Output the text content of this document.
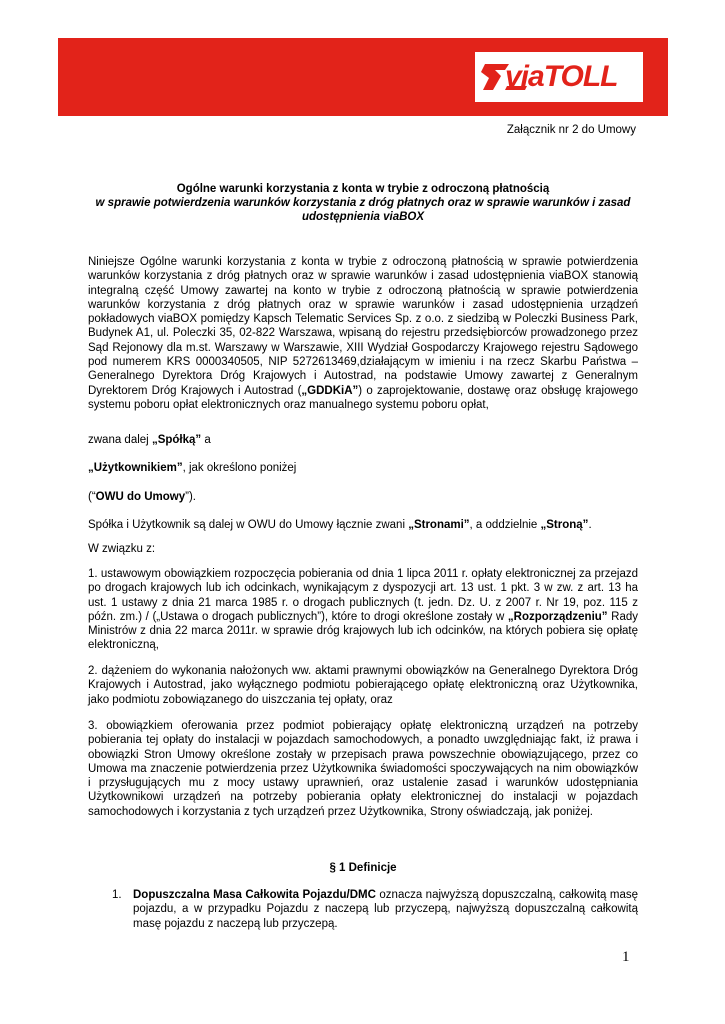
viaTOLL
Załącznik nr 2 do Umowy
Ogólne warunki korzystania z konta w trybie z odroczoną płatnością
w sprawie potwierdzenia warunków korzystania z dróg płatnych oraz w sprawie warunków i zasad udostępnienia viaBOX

Niniejsze Ogólne warunki korzystania z konta w trybie z odroczoną płatnością w sprawie potwierdzenia warunków korzystania z dróg płatnych oraz w sprawie warunków i zasad udostępnienia viaBOX stanowią integralną część Umowy zawartej na konto w trybie z odroczoną płatnością w sprawie potwierdzenia warunków korzystania z dróg płatnych oraz w sprawie warunków i zasad udostępnienia urządzeń pokładowych viaBOX pomiędzy Kapsch Telematic Services Sp. z o.o. z siedzibą w Poleczki Business Park, Budynek A1, ul. Poleczki 35, 02-822 Warszawa, wpisaną do rejestru przedsiębiorców prowadzonego przez Sąd Rejonowy dla m.st. Warszawy w Warszawie, XIII Wydział Gospodarczy Krajowego rejestru Sądowego pod numerem KRS 0000340505, NIP 5272613469,działającym w imieniu i na rzecz Skarbu Państwa – Generalnego Dyrektora Dróg Krajowych i Autostrad, na podstawie Umowy zawartej z Generalnym Dyrektorem Dróg Krajowych i Autostrad („GDDKiA”) o zaprojektowanie, dostawę oraz obsługę krajowego systemu poboru opłat elektronicznych oraz manualnego systemu poboru opłat,

zwana dalej „Spółką” a
„Użytkownikiem”, jak określono poniżej
(“OWU do Umowy”).
Spółka i Użytkownik są dalej w OWU do Umowy łącznie zwani „Stronami”, a oddzielnie „Stroną”.
W związku z:
1. ustawowym obowiązkiem rozpoczęcia pobierania od dnia 1 lipca 2011 r. opłaty elektronicznej za przejazd po drogach krajowych lub ich odcinkach, wynikającym z dyspozycji art. 13 ust. 1 pkt. 3 w zw. z art. 13 ha ust. 1 ustawy z dnia 21 marca 1985 r. o drogach publicznych (t. jedn. Dz. U. z 2007 r. Nr 19, poz. 115 z późn. zm.) / („Ustawa o drogach publicznych”), które to drogi określone zostały w „Rozporządzeniu” Rady Ministrów z dnia 22 marca 2011r. w sprawie dróg krajowych lub ich odcinków, na których pobiera się opłatę elektroniczną,
2. dążeniem do wykonania nałożonych ww. aktami prawnymi obowiązków na Generalnego Dyrektora Dróg Krajowych i Autostrad, jako wyłącznego podmiotu pobierającego opłatę elektroniczną oraz Użytkownika, jako podmiotu zobowiązanego do uiszczania tej opłaty, oraz
3. obowiązkiem oferowania przez podmiot pobierający opłatę elektroniczną urządzeń na potrzeby pobierania tej opłaty do instalacji w pojazdach samochodowych, a ponadto uwzględniając fakt, iż prawa i obowiązki Stron Umowy określone zostały w przepisach prawa powszechnie obowiązującego, przez co Umowa ma znaczenie potwierdzenia przez Użytkownika świadomości spoczywających na nim obowiązków i przysługujących mu z mocy ustawy uprawnień, oraz ustalenie zasad i warunków udostępniania Użytkownikowi urządzeń na potrzeby pobierania opłaty elektronicznej do instalacji w pojazdach samochodowych i korzystania z tych urządzeń przez Użytkownika, Strony oświadczają, jak poniżej.
§ 1 Definicje
1. Dopuszczalna Masa Całkowita Pojazdu/DMC oznacza najwyższą dopuszczalną, całkowitą masę pojazdu, a w przypadku Pojazdu z naczepą lub przyczepą, najwyższą dopuszczalną całkowitą masę pojazdu z naczepą lub przyczepą.
1
